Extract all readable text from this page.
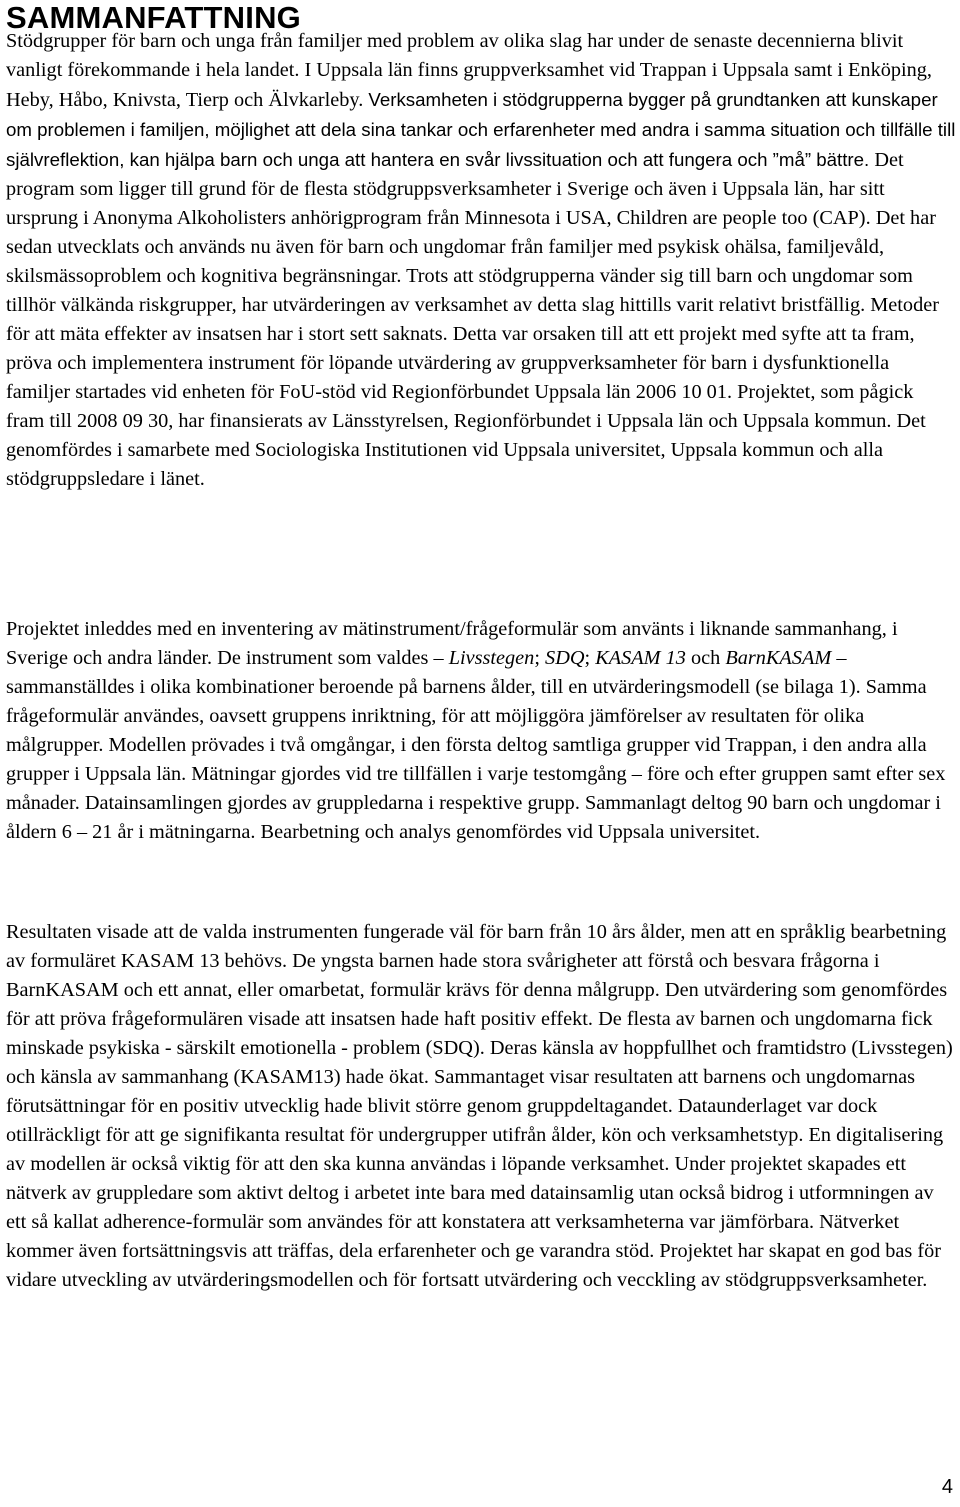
SAMMANFATTNING

Stödgrupper för barn och unga från familjer med problem av olika slag har under de senaste decennierna blivit vanligt förekommande i hela landet. I Uppsala län finns gruppverksamhet vid Trappan i Uppsala samt i Enköping, Heby, Håbo, Knivsta, Tierp och Älvkarleby. Verksamheten i stödgrupperna bygger på grundtanken att kunskaper om problemen i familjen, möjlighet att dela sina tankar och erfarenheter med andra i samma situation och tillfälle till självreflektion, kan hjälpa barn och unga att hantera en svår livssituation och att fungera och ”må” bättre. Det program som ligger till grund för de flesta stödgruppsverksamheter i Sverige och även i Uppsala län, har sitt ursprung i Anonyma Alkoholisters anhörigprogram från Minnesota i USA, Children are people too (CAP). Det har sedan utvecklats och används nu även för barn och ungdomar från familjer med psykisk ohälsa, familjevåld, skilsmässoproblem och kognitiva begränsningar. Trots att stödgrupperna vänder sig till barn och ungdomar som tillhör välkända riskgrupper, har utvärderingen av verksamhet av detta slag hittills varit relativt bristfällig. Metoder för att mäta effekter av insatsen har i stort sett saknats. Detta var orsaken till att ett projekt med syfte att ta fram, pröva och implementera instrument för löpande utvärdering av gruppverksamheter för barn i dysfunktionella familjer startades vid enheten för FoU-stöd vid Regionförbundet Uppsala län 2006 10 01. Projektet, som pågick fram till 2008 09 30, har finansierats av Länsstyrelsen, Regionförbundet i Uppsala län och Uppsala kommun. Det genomfördes i samarbete med Sociologiska Institutionen vid Uppsala universitet, Uppsala kommun och alla stödgruppsledare i länet.

Projektet inleddes med en inventering av mätinstrument/frågeformulär som använts i liknande sammanhang, i Sverige och andra länder. De instrument som valdes – Livsstegen; SDQ; KASAM 13 och BarnKASAM – sammanställdes i olika kombinationer beroende på barnens ålder, till en utvärderingsmodell (se bilaga 1). Samma frågeformulär användes, oavsett gruppens inriktning, för att möjliggöra jämförelser av resultaten för olika målgrupper. Modellen prövades i två omgångar, i den första deltog samtliga grupper vid Trappan, i den andra alla grupper i Uppsala län. Mätningar gjordes vid tre tillfällen i varje testomgång – före och efter gruppen samt efter sex månader. Datainsamlingen gjordes av gruppledarna i respektive grupp. Sammanlagt deltog 90 barn och ungdomar i åldern 6 – 21 år i mätningarna. Bearbetning och analys genomfördes vid Uppsala universitet.

Resultaten visade att de valda instrumenten fungerade väl för barn från 10 års ålder, men att en språklig bearbetning av formuläret KASAM 13 behövs. De yngsta barnen hade stora svårigheter att förstå och besvara frågorna i BarnKASAM och ett annat, eller omarbetat, formulär krävs för denna målgrupp. Den utvärdering som genomfördes för att pröva frågeformulären visade att insatsen hade haft positiv effekt. De flesta av barnen och ungdomarna fick minskade psykiska - särskilt emotionella - problem (SDQ). Deras känsla av hoppfullhet och framtidstro (Livsstegen) och känsla av sammanhang (KASAM13) hade ökat. Sammantaget visar resultaten att barnens och ungdomarnas förutsättningar för en positiv utvecklig hade blivit större genom gruppdeltagandet. Dataunderlaget var dock otillräckligt för att ge signifikanta resultat för undergrupper utifrån ålder, kön och verksamhetstyp. En digitalisering av modellen är också viktig för att den ska kunna användas i löpande verksamhet. Under projektet skapades ett nätverk av gruppledare som aktivt deltog i arbetet inte bara med datainsamlig utan också bidrog i utformningen av ett så kallat adherence-formulär som användes för att konstatera att verksamheterna var jämförbara. Nätverket kommer även fortsättningsvis att träffas, dela erfarenheter och ge varandra stöd. Projektet har skapat en god bas för vidare utveckling av utvärderingsmodellen och för fortsatt utvärdering och vecckling av stödgruppsverksamheter.

4
